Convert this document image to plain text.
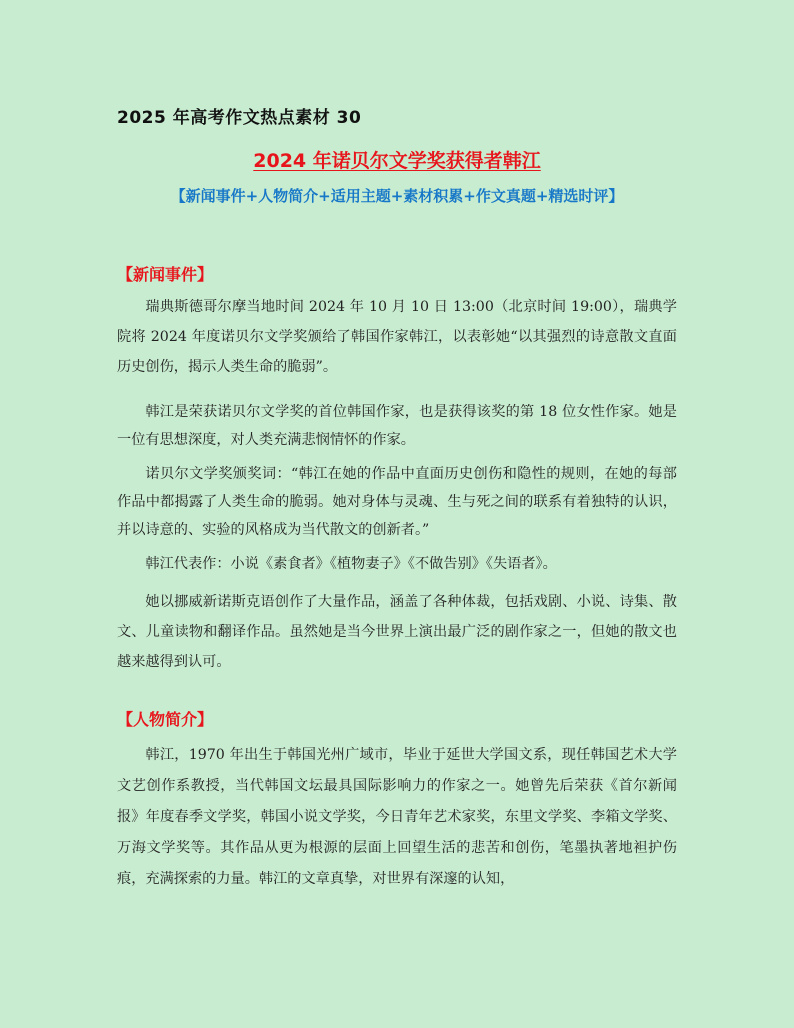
2025 年高考作文热点素材 30
2024 年诺贝尔文学奖获得者韩江
【新闻事件+人物简介+适用主题+素材积累+作文真题+精选时评】
【新闻事件】
瑞典斯德哥尔摩当地时间 2024 年 10 月 10 日 13:00（北京时间 19:00），瑞典学院将 2024 年度诺贝尔文学奖颁给了韩国作家韩江，以表彰她“以其强烈的诗意散文直面历史创伤，揭示人类生命的脆弱”。
韩江是荣获诺贝尔文学奖的首位韩国作家，也是获得该奖的第 18 位女性作家。她是一位有思想深度，对人类充满悲悯情怀的作家。
诺贝尔文学奖颁奖词：“韩江在她的作品中直面历史创伤和隐性的规则，在她的每部作品中都揭露了人类生命的脆弱。她对身体与灵魂、生与死之间的联系有着独特的认识，并以诗意的、实验的风格成为当代散文的创新者。”
韩江代表作：小说《素食者》《植物妻子》《不做告别》《失语者》。
她以挪威新诺斯克语创作了大量作品，涵盖了各种体裁，包括戏剧、小说、诗集、散文、儿童读物和翻译作品。虽然她是当今世界上演出最广泛的剧作家之一，但她的散文也越来越得到认可。
【人物简介】
韩江，1970 年出生于韩国光州广域市，毕业于延世大学国文系，现任韩国艺术大学文艺创作系教授，当代韩国文坛最具国际影响力的作家之一。她曾先后荣获《首尔新闻报》年度春季文学奖，韩国小说文学奖，今日青年艺术家奖，东里文学奖、李箱文学奖、万海文学奖等。其作品从更为根源的层面上回望生活的悲苦和创伤，笔墨执著地袒护伤痕，充满探索的力量。韩江的文章真挚，对世界有深邃的认知，
